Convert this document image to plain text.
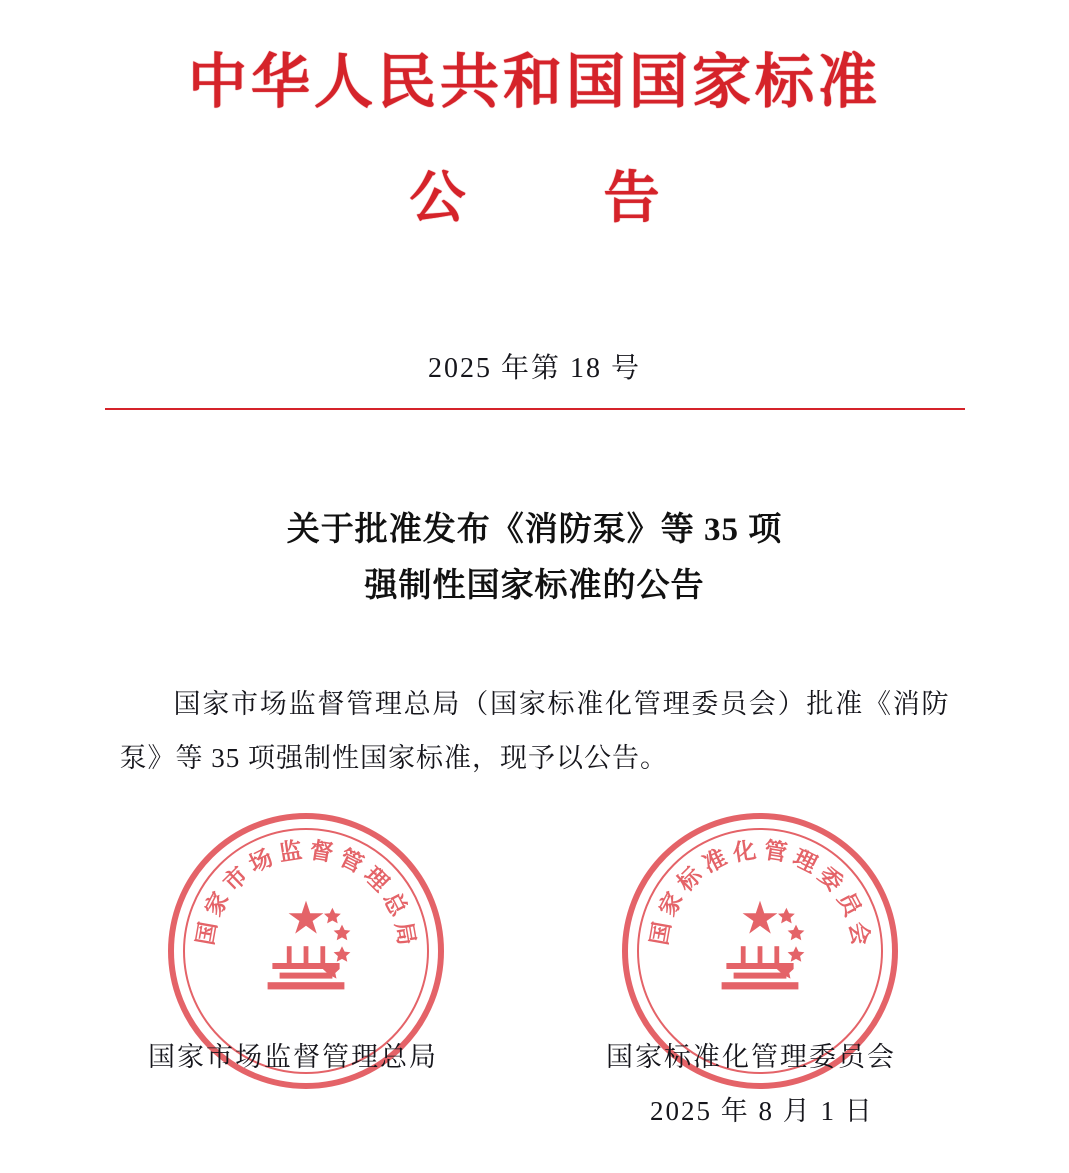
中华人民共和国国家标准
公 告
2025 年第 18 号
关于批准发布《消防泵》等 35 项
强制性国家标准的公告
国家市场监督管理总局（国家标准化管理委员会）批准《消防泵》等 35 项强制性国家标准，现予以公告。
国
家
市
场 监 督 管
理
总
局	国
家
标
准 化 管 理
委
员
会
国家市场监督管理总局	国家标准化管理委员会
2025 年 8 月 1 日
